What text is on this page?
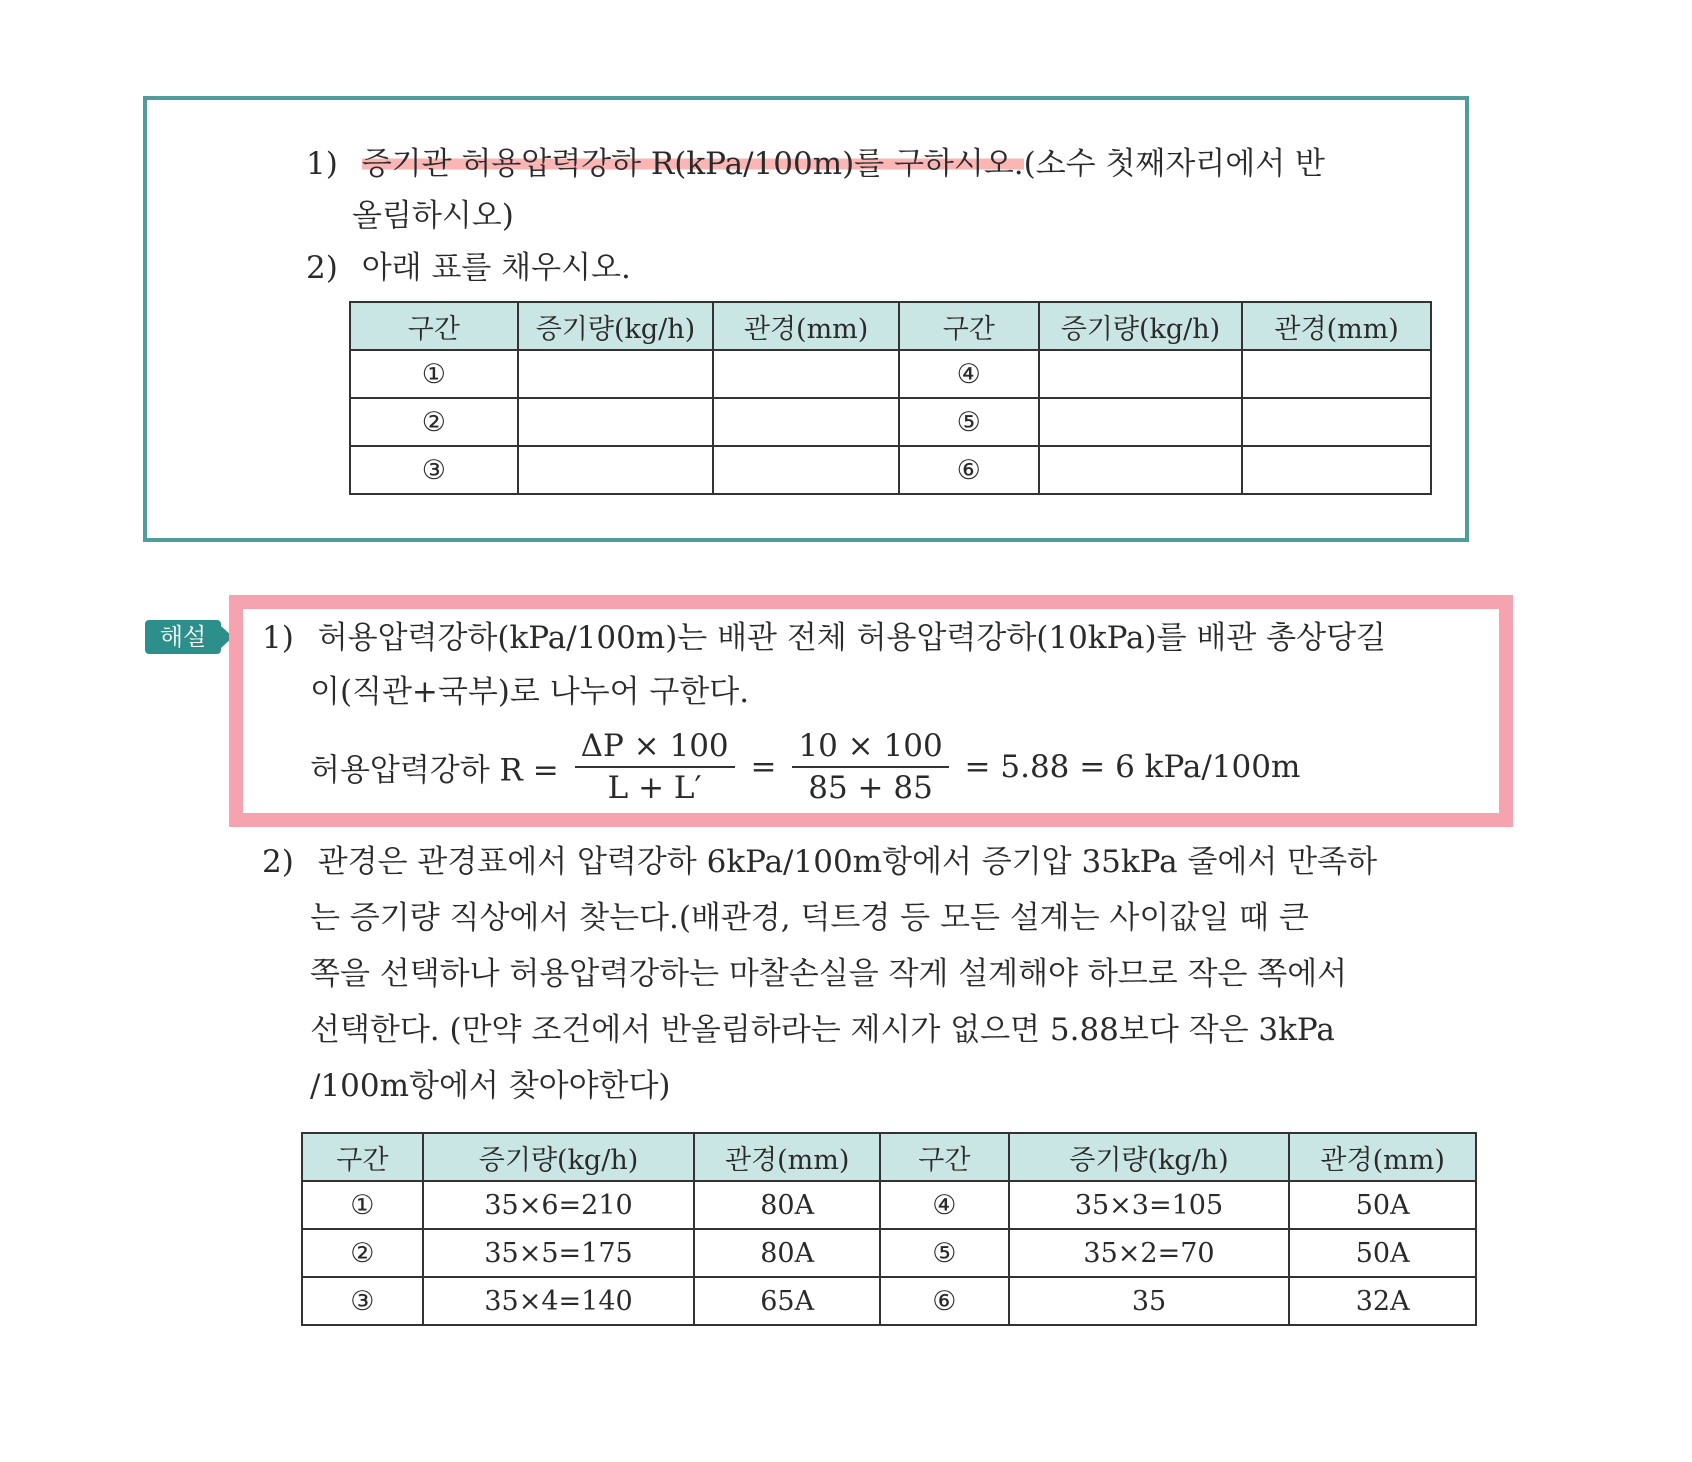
1) 증기관 허용압력강하 R(kPa/100m)를 구하시오.(소수 첫째자리에서 반
올림하시오)
2) 아래 표를 채우시오.
구간	증기량(kg/h)	관경(mm)	구간	증기량(kg/h)	관경(mm)
①			④		
②			⑤		
③			⑥		
해설	1) 허용압력강하(kPa/100m)는 배관 전체 허용압력강하(10kPa)를 배관 총상당길
이(직관+국부)로 나누어 구한다.
허용압력강하 $R = \frac{\Delta P \times 100}{L + L'} = \frac{10 \times 100}{85 + 85} = 5.88 = 6$ kPa/100m
2) 관경은 관경표에서 압력강하 6kPa/100m항에서 증기압 35kPa 줄에서 만족하
는 증기량 직상에서 찾는다.(배관경, 덕트경 등 모든 설계는 사이값일 때 큰
쪽을 선택하나 허용압력강하는 마찰손실을 작게 설계해야 하므로 작은 쪽에서
선택한다. (만약 조건에서 반올림하라는 제시가 없으면 5.88보다 작은 3kPa
/100m항에서 찾아야한다)
구간	증기량(kg/h)	관경(mm)	구간	증기량(kg/h)	관경(mm)
①	35×6=210	80A	④	35×3=105	50A
②	35×5=175	80A	⑤	35×2=70	50A
③	35×4=140	65A	⑥	35	32A
